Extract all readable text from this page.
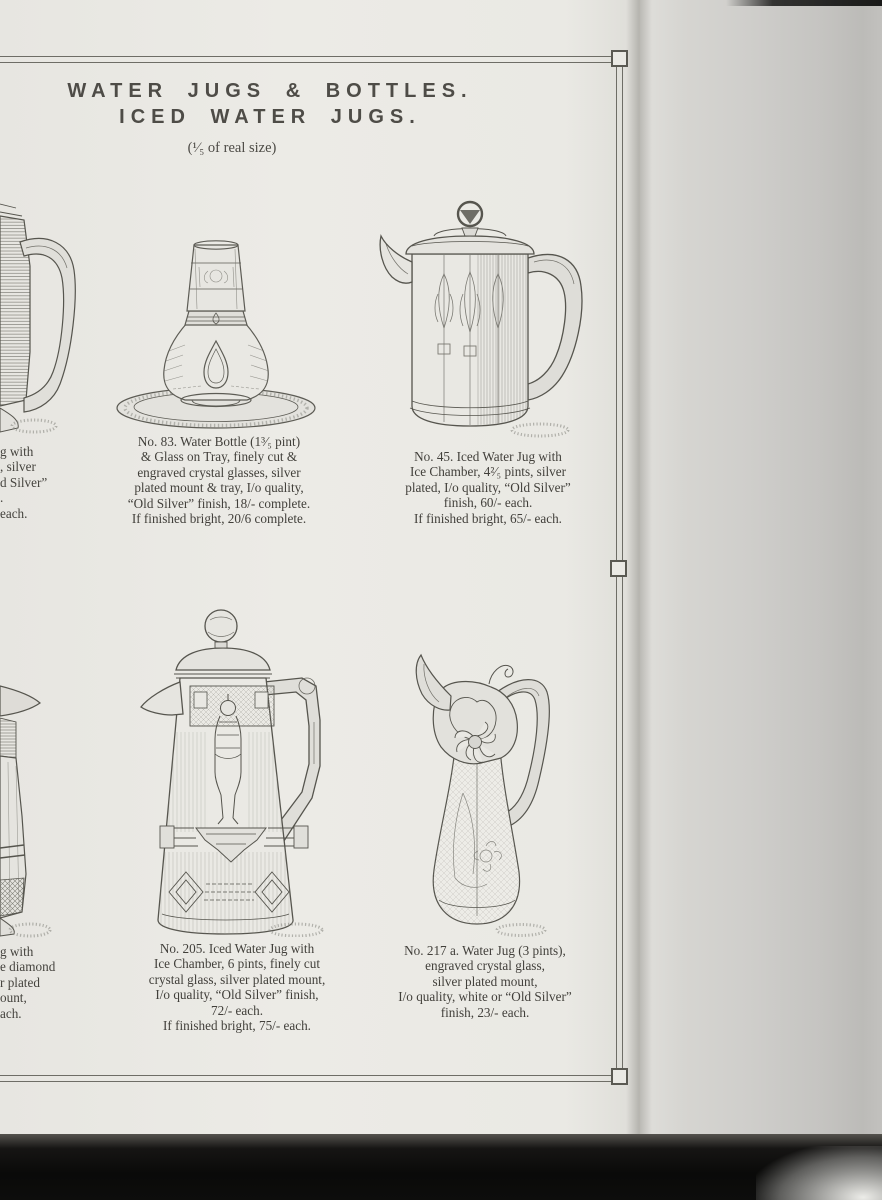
WATER JUGS & BOTTLES.
ICED WATER JUGS.
(¹⁄₅ of real size)
No. 83. Water Bottle (1³⁄₅ pint)
& Glass on Tray, finely cut &
engraved crystal glasses, silver
plated mount & tray, I/o quality,
“Old Silver” finish, 18/- complete.
If finished bright, 20/6 complete.
No. 45. Iced Water Jug with
Ice Chamber, 4²⁄₅ pints, silver
plated, I/o quality, “Old Silver”
finish, 60/- each.
If finished bright, 65/- each.
No. 205. Iced Water Jug with
Ice Chamber, 6 pints, finely cut
crystal glass, silver plated mount,
I/o quality, “Old Silver” finish,
72/- each.
If finished bright, 75/- each.
No. 217 a. Water Jug (3 pints),
engraved crystal glass,
silver plated mount,
I/o quality, white or “Old Silver”
finish, 23/- each.
g with
, silver
d Silver”
.
each.
g with
e diamond
r plated
ount,
ach.
